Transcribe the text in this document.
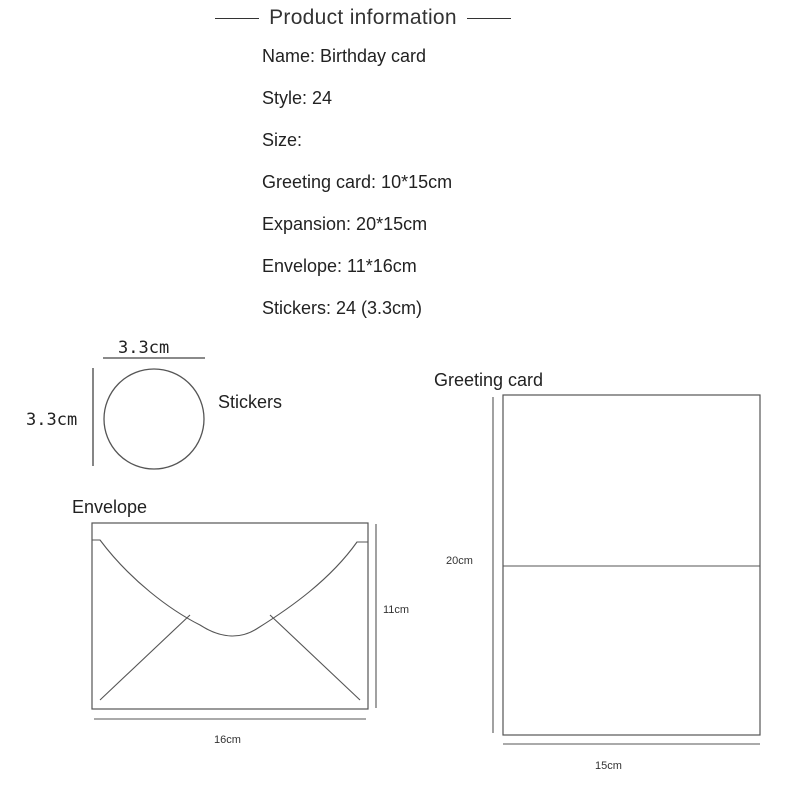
Product information
Name: Birthday card
Style: 24
Size:
Greeting card: 10*15cm
Expansion: 20*15cm
Envelope: 11*16cm
Stickers: 24 (3.3cm)
3.3cm
3.3cm
Stickers
Envelope
11cm
16cm
Greeting card
20cm
15cm
